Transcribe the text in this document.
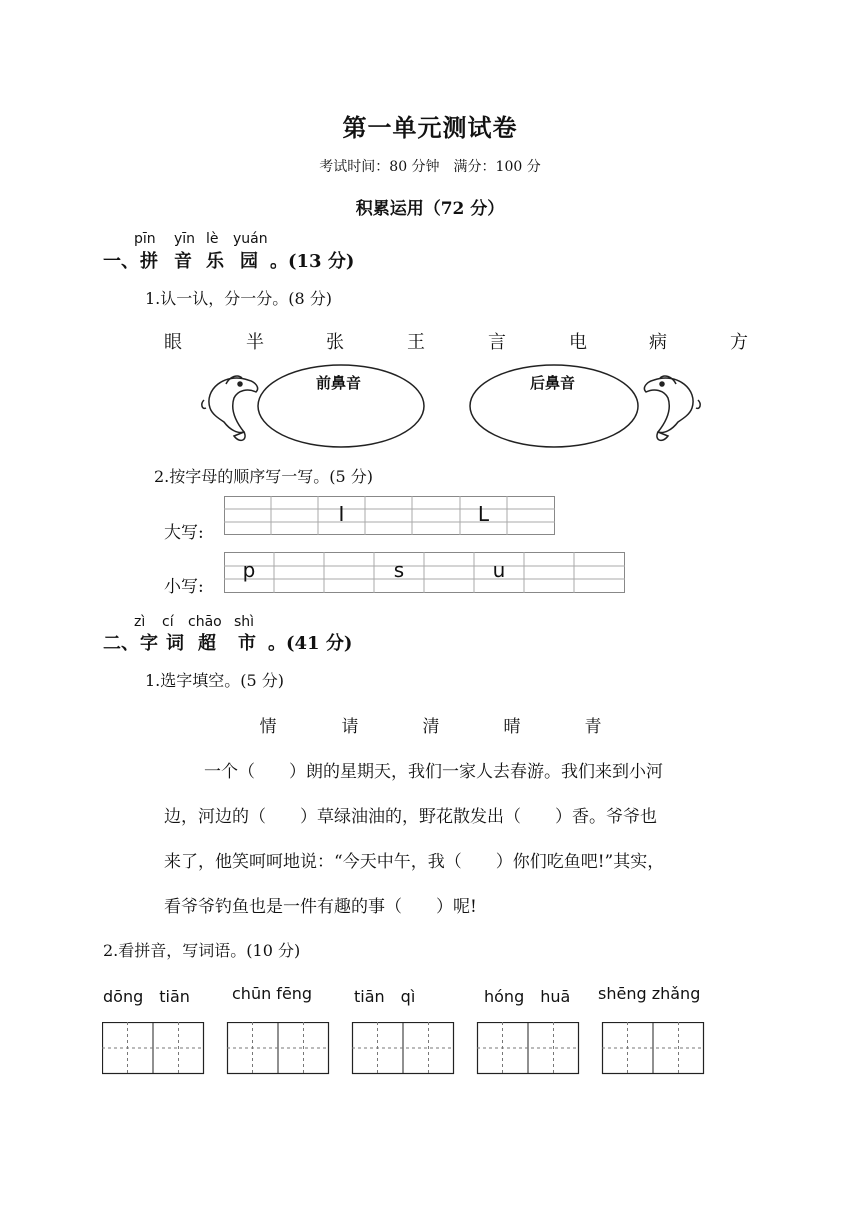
第一单元测试卷
考试时间：80 分钟　满分：100 分
积累运用（72 分）
pīn yīn lè yuán
一、 拼 音 乐 园 。(13 分)
1.认一认，分一分。(8 分)
眼	半	张	王	言	电	病	方
前鼻音	后鼻音
2.按字母的顺序写一写。(5 分)
大写:
小写:
I	L
p	s	u
zì cí chāo shì
二、 字 词 超 市 。(41 分)
1.选字填空。(5 分)
情	请	清	晴	青
一个（　　）朗的星期天，我们一家人去春游。我们来到小河
边，河边的（　　）草绿油油的，野花散发出（　　）香。爷爷也
来了，他笑呵呵地说：“今天中午，我（　　）你们吃鱼吧!”其实，
看爷爷钓鱼也是一件有趣的事（　　）呢!
2.看拼音，写词语。(10 分)
dōng　tiān	chūn fēng	tiān　qì	hóng　huā shēng zhǎng
